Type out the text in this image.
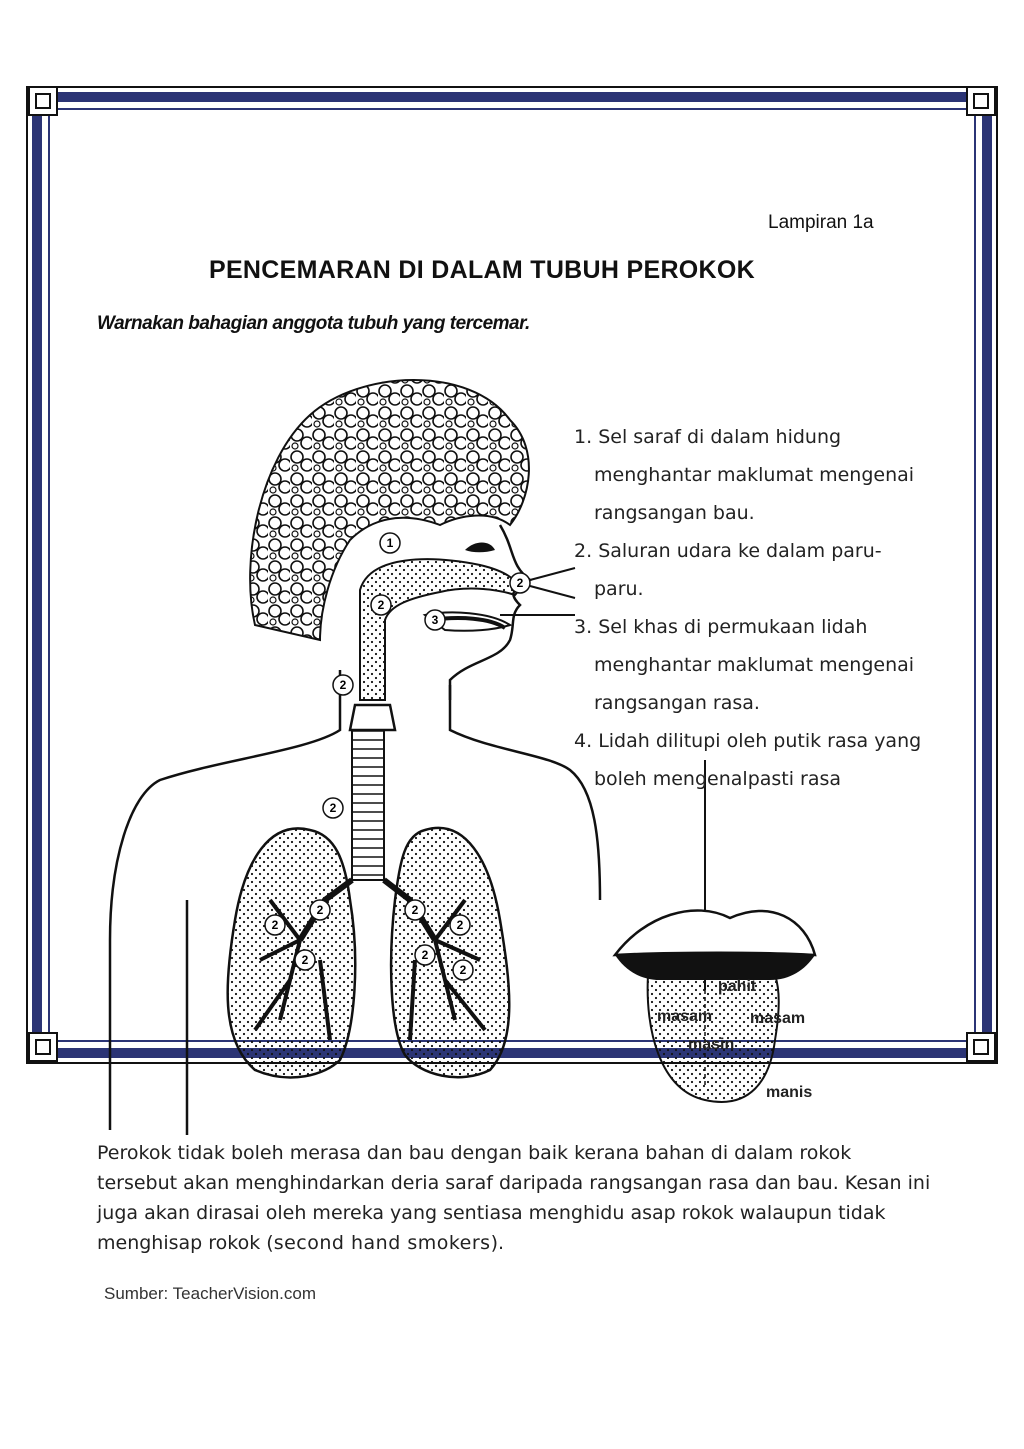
Lampiran 1a
PENCEMARAN DI DALAM TUBUH PEROKOK
Warnakan bahagian anggota tubuh yang tercemar.
1
2
2
2
2
2
2
2
2
2
2
3
2
1. Sel saraf di dalam hidung
menghantar maklumat mengenai
rangsangan bau.
2. Saluran udara ke dalam paru-
paru.
3. Sel khas di permukaan lidah
menghantar maklumat mengenai
rangsangan rasa.
4. Lidah dilitupi oleh putik rasa yang
boleh mengenalpasti rasa
pahit
masam masam
masin
manis
Perokok tidak boleh merasa dan bau dengan baik kerana bahan di dalam rokok tersebut akan menghindarkan deria saraf daripada rangsangan rasa dan bau. Kesan ini juga akan dirasai oleh mereka yang sentiasa menghidu asap rokok walaupun tidak menghisap rokok (second hand smokers).
Sumber: TeacherVision.com
